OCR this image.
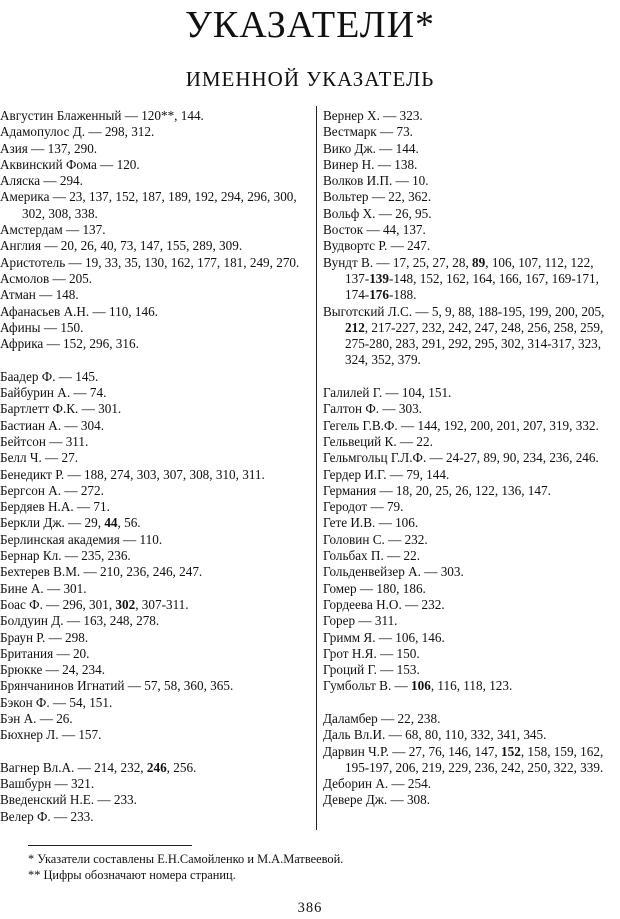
УКАЗАТЕЛИ*
ИМЕННОЙ УКАЗАТЕЛЬ
Августин Блаженный — 120**, 144.
Адамопулос Д. — 298, 312.
Азия — 137, 290.
Аквинский Фома — 120.
Аляска — 294.
Америка — 23, 137, 152, 187, 189, 192, 294, 296, 300, 302, 308, 338.
Амстердам — 137.
Англия — 20, 26, 40, 73, 147, 155, 289, 309.
Аристотель — 19, 33, 35, 130, 162, 177, 181, 249, 270.
Асмолов — 205.
Атман — 148.
Афанасьев А.Н. — 110, 146.
Афины — 150.
Африка — 152, 296, 316.
Баадер Ф. — 145.
Байбурин А. — 74.
Бартлетт Ф.К. — 301.
Бастиан А. — 304.
Бейтсон — 311.
Белл Ч. — 27.
Бенедикт Р. — 188, 274, 303, 307, 308, 310, 311.
Бергсон А. — 272.
Бердяев Н.А. — 71.
Беркли Дж. — 29, 44, 56.
Берлинская академия — 110.
Бернар Кл. — 235, 236.
Бехтерев В.М. — 210, 236, 246, 247.
Бине А. — 301.
Боас Ф. — 296, 301, 302, 307-311.
Болдуин Д. — 163, 248, 278.
Браун Р. — 298.
Британия — 20.
Брюкке — 24, 234.
Брянчанинов Игнатий — 57, 58, 360, 365.
Бэкон Ф. — 54, 151.
Бэн А. — 26.
Бюхнер Л. — 157.
Вагнер Вл.А. — 214, 232, 246, 256.
Вашбурн — 321.
Введенский Н.Е. — 233.
Велер Ф. — 233.
Вернер Х. — 323.
Вестмарк — 73.
Вико Дж. — 144.
Винер Н. — 138.
Волков И.П. — 10.
Вольтер — 22, 362.
Вольф Х. — 26, 95.
Восток — 44, 137.
Вудвортс Р. — 247.
Вундт В. — 17, 25, 27, 28, 89, 106, 107, 112, 122, 137-139-148, 152, 162, 164, 166, 167, 169-171, 174-176-188.
Выготский Л.С. — 5, 9, 88, 188-195, 199, 200, 205, 212, 217-227, 232, 242, 247, 248, 256, 258, 259, 275-280, 283, 291, 292, 295, 302, 314-317, 323, 324, 352, 379.
Галилей Г. — 104, 151.
Галтон Ф. — 303.
Гегель Г.В.Ф. — 144, 192, 200, 201, 207, 319, 332.
Гельвеций К. — 22.
Гельмгольц Г.Л.Ф. — 24-27, 89, 90, 234, 236, 246.
Гердер И.Г. — 79, 144.
Германия — 18, 20, 25, 26, 122, 136, 147.
Геродот — 79.
Гете И.В. — 106.
Головин С. — 232.
Гольбах П. — 22.
Гольденвейзер А. — 303.
Гомер — 180, 186.
Гордеева Н.О. — 232.
Горер — 311.
Гримм Я. — 106, 146.
Грот Н.Я. — 150.
Гроций Г. — 153.
Гумбольт В. — 106, 116, 118, 123.
Даламбер — 22, 238.
Даль Вл.И. — 68, 80, 110, 332, 341, 345.
Дарвин Ч.Р. — 27, 76, 146, 147, 152, 158, 159, 162, 195-197, 206, 219, 229, 236, 242, 250, 322, 339.
Деборин А. — 254.
Девере Дж. — 308.
* Указатели составлены Е.Н.Самойленко и М.А.Матвеевой.
** Цифры обозначают номера страниц.
386
